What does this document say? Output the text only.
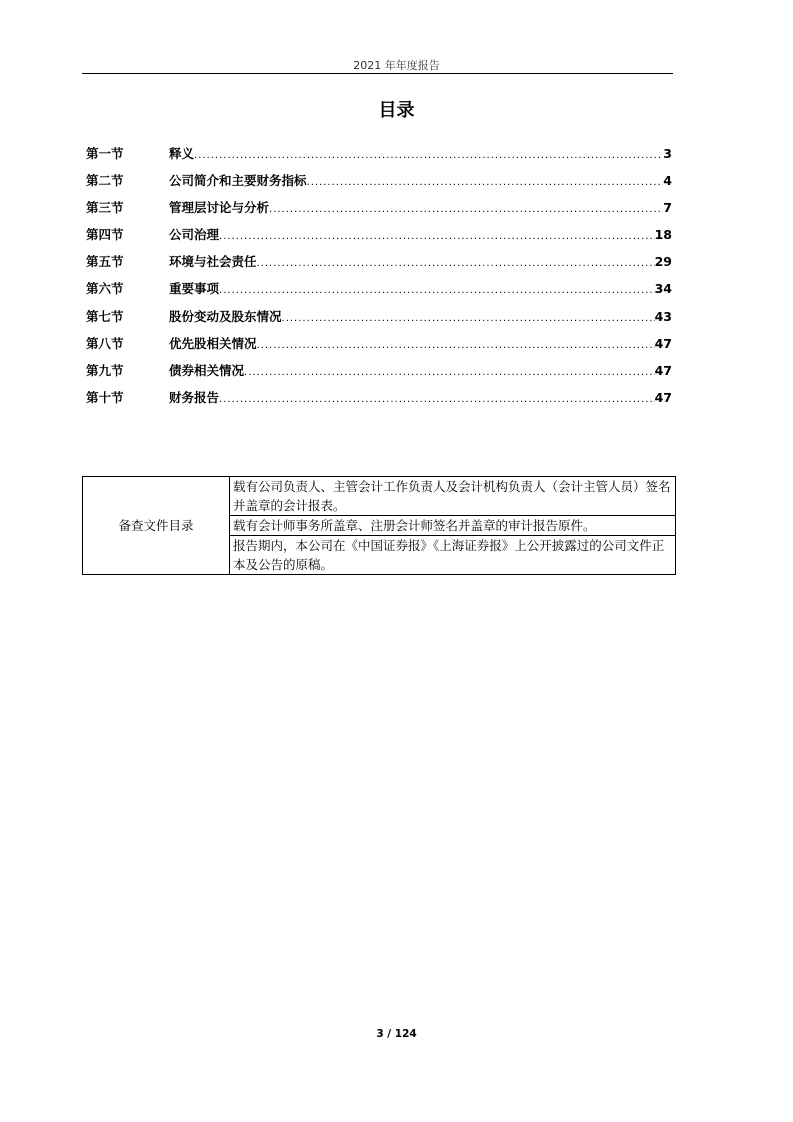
2021 年年度报告
目录
第一节	释义 .....	3
第二节	公司简介和主要财务指标 .....	4
第三节	管理层讨论与分析 .....	7
第四节	公司治理 .....	18
第五节	环境与社会责任 .....	29
第六节	重要事项 .....	34
第七节	股份变动及股东情况 .....	43
第八节	优先股相关情况 .....	47
第九节	债券相关情况 .....	47
第十节	财务报告 .....	47
备查文件目录	载有公司负责人、主管会计工作负责人及会计机构负责人（会计主管人员）签名并盖章的会计报表。
载有会计师事务所盖章、注册会计师签名并盖章的审计报告原件。
报告期内，本公司在《中国证券报》《上海证券报》上公开披露过的公司文件正本及公告的原稿。
3 / 124
